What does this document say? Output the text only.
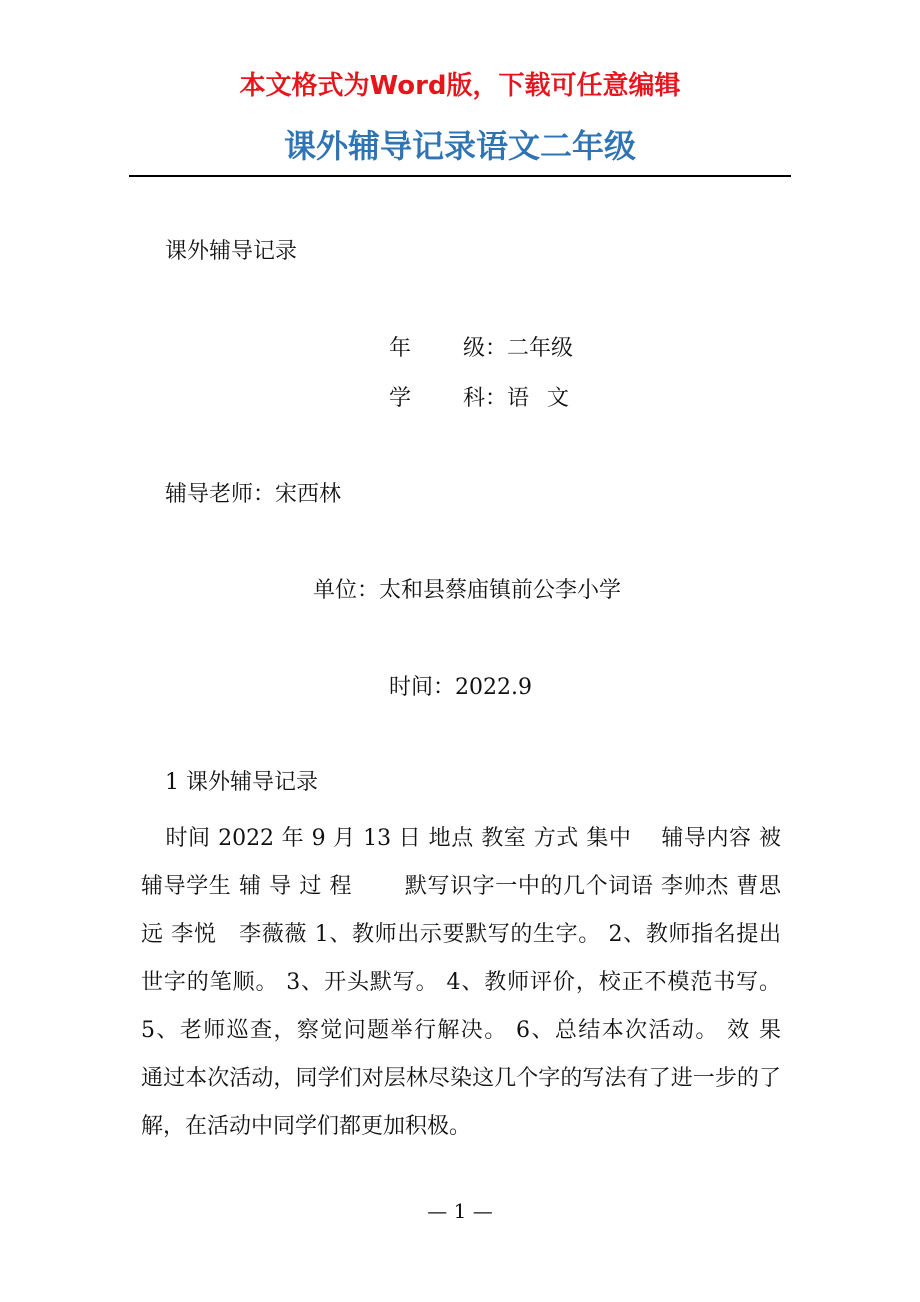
本文格式为Word版，下载可任意编辑
课外辅导记录语文二年级
课外辅导记录
年 级：二年级
学 科：语 文
辅导老师：宋西林
单位：太和县蔡庙镇前公李小学
时间：2022.9
1 课外辅导记录
时间 2022 年 9 月 13 日 地点 教室 方式 集中　 辅导内容 被辅导学生 辅 导 过 程　　 默写识字一中的几个词语 李帅杰 曹思远 李悦　李薇薇 1、教师出示要默写的生字。 2、教师指名提出世字的笔顺。 3、开头默写。 4、教师评价，校正不模范书写。 5、老师巡查，察觉问题举行解决。 6、总结本次活动。 效 果　　 通过本次活动，同学们对层林尽染这几个字的写法有了进一步的了解，在活动中同学们都更加积极。
— 1 —
